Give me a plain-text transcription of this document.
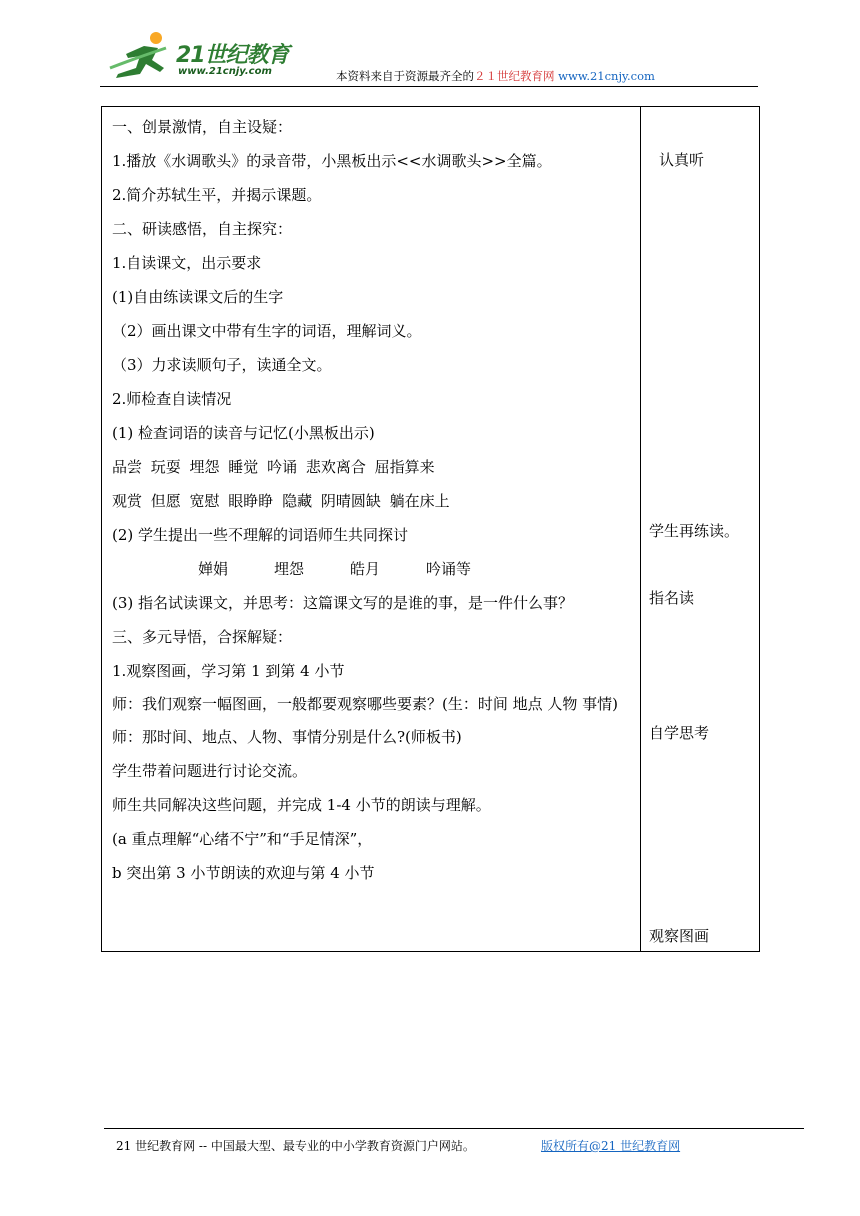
21世纪教育
www.21cnjy.com	本资料来自于资源最齐全的２１世纪教育网 www.21cnjy.com
一、创景激情，自主设疑：
1.播放《水调歌头》的录音带，小黑板出示<<水调歌头>>全篇。
2.简介苏轼生平，并揭示课题。
二、研读感悟，自主探究：
1.自读课文，出示要求
(1)自由练读课文后的生字
（2）画出课文中带有生字的词语，理解词义。
（3）力求读顺句子，读通全文。
2.师检查自读情况
(1) 检查词语的读音与记忆(小黑板出示)
品尝 玩耍 埋怨 睡觉 吟诵 悲欢离合 屈指算来
观赏 但愿 宽慰 眼睁睁 隐藏 阴晴圆缺 躺在床上
(2) 学生提出一些不理解的词语师生共同探讨
婵娟	埋怨	皓月	吟诵等
(3) 指名试读课文，并思考：这篇课文写的是谁的事，是一件什么事？
三、多元导悟，合探解疑：
1.观察图画，学习第 1 到第 4 小节
师：我们观察一幅图画，一般都要观察哪些要素？(生：时间 地点 人物 事情)
师：那时间、地点、人物、事情分别是什么?(师板书)
学生带着问题进行讨论交流。
师生共同解决这些问题，并完成 1-4 小节的朗读与理解。
(a 重点理解“心绪不宁”和“手足情深”，
b 突出第 3 小节朗读的欢迎与第 4 小节

认真听
学生再练读。
指名读
自学思考
观察图画
21 世纪教育网 -- 中国最大型、最专业的中小学教育资源门户网站。	版权所有@21 世纪教育网
